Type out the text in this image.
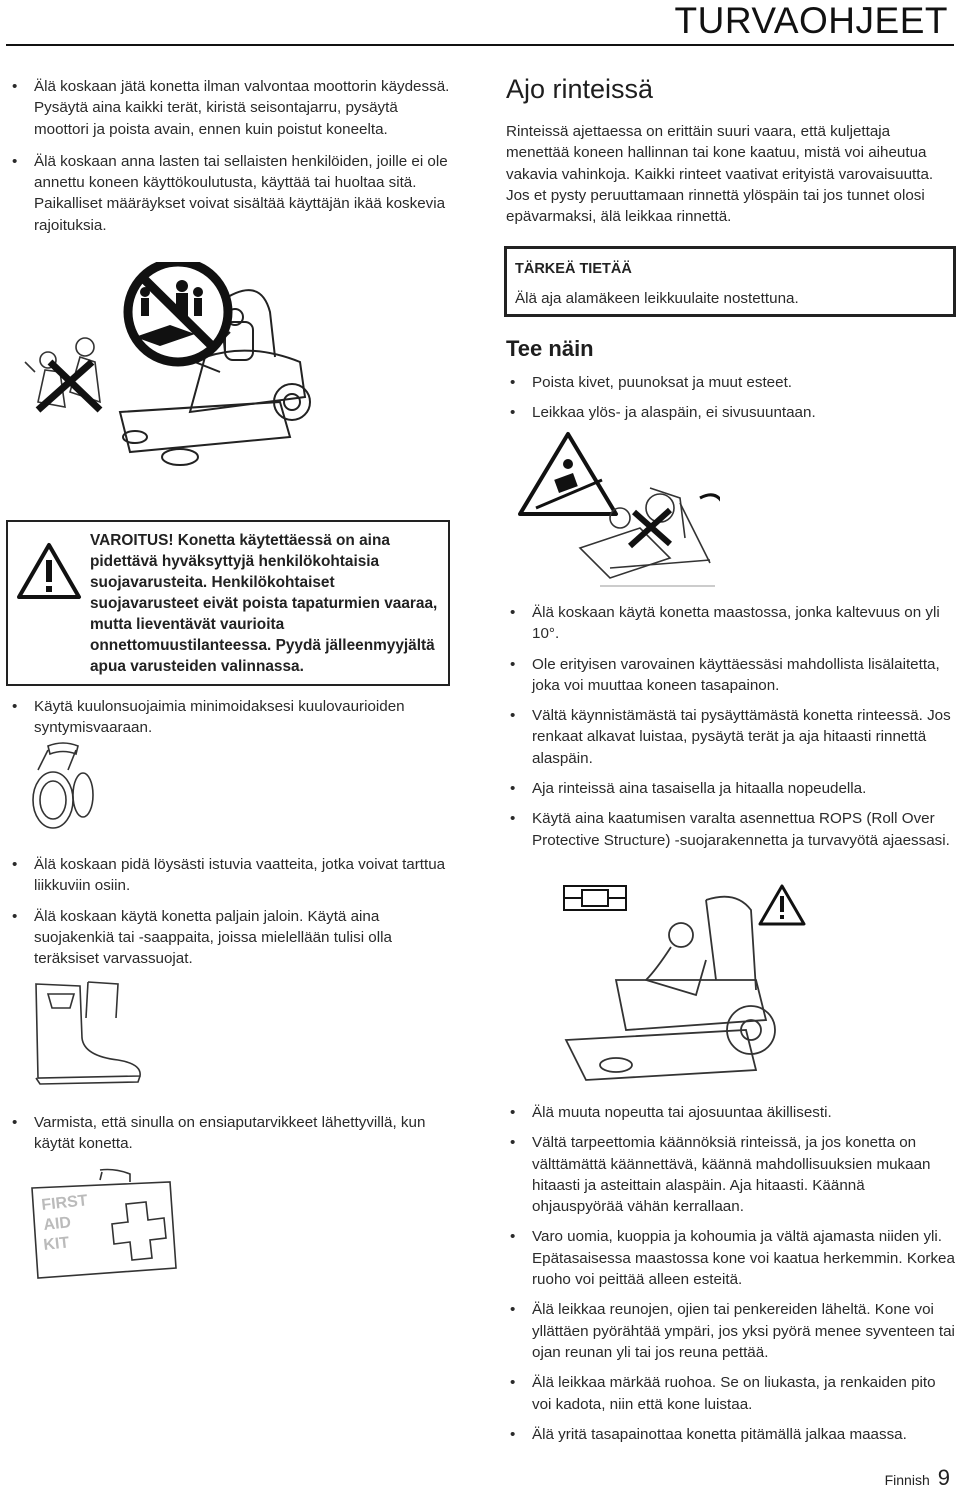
TURVAOHJEET
• Älä koskaan jätä konetta ilman valvontaa moottorin käydessä. Pysäytä aina kaikki terät, kiristä seisontajarru, pysäytä moottori ja poista avain, ennen kuin poistut koneelta.
• Älä koskaan anna lasten tai sellaisten henkilöiden, joille ei ole annettu koneen käyttökoulutusta, käyttää tai huoltaa sitä. Paikalliset määräykset voivat sisältää käyttäjän ikää koskevia rajoituksia.
VAROITUS! Konetta käytettäessä on aina pidettävä hyväksyttyjä henkilökohtaisia suojavarusteita. Henkilökohtaiset suojavarusteet eivät poista tapaturmien vaaraa, mutta lieventävät vaurioita onnettomuustilanteessa. Pyydä jälleenmyyjältä apua varusteiden valinnassa.
• Käytä kuulonsuojaimia minimoidaksesi kuulovaurioiden syntymisvaaraan.
• Älä koskaan pidä löysästi istuvia vaatteita, jotka voivat tarttua liikkuviin osiin.
• Älä koskaan käytä konetta paljain jaloin. Käytä aina suojakenkiä tai -saappaita, joissa mielellään tulisi olla teräksiset varvassuojat.
• Varmista, että sinulla on ensiaputarvikkeet lähettyvillä, kun käytät konetta.
FIRST
AID
KIT
Ajo rinteissä
Rinteissä ajettaessa on erittäin suuri vaara, että kuljettaja menettää koneen hallinnan tai kone kaatuu, mistä voi aiheutua vakavia vahinkoja. Kaikki rinteet vaativat erityistä varovaisuutta. Jos et pysty peruuttamaan rinnettä ylöspäin tai jos tunnet olosi epävarmaksi, älä leikkaa rinnettä.
TÄRKEÄ TIETÄÄ
Älä aja alamäkeen leikkuulaite nostettuna.
Tee näin
• Poista kivet, puunoksat ja muut esteet.
• Leikkaa ylös- ja alaspäin, ei sivusuuntaan.
• Älä koskaan käytä konetta maastossa, jonka kaltevuus on yli 10°.
• Ole erityisen varovainen käyttäessäsi mahdollista lisälaitetta, joka voi muuttaa koneen tasapainon.
• Vältä käynnistämästä tai pysäyttämästä konetta rinteessä. Jos renkaat alkavat luistaa, pysäytä terät ja aja hitaasti rinnettä alaspäin.
• Aja rinteissä aina tasaisella ja hitaalla nopeudella.
• Käytä aina kaatumisen varalta asennettua ROPS (Roll Over Protective Structure) -suojarakennetta ja turvavyötä ajaessasi.
• Älä muuta nopeutta tai ajosuuntaa äkillisesti.
• Vältä tarpeettomia käännöksiä rinteissä, ja jos konetta on välttämättä käännettävä, käännä mahdollisuuksien mukaan hitaasti ja asteittain alaspäin. Aja hitaasti. Käännä ohjauspyörää vähän kerrallaan.
• Varo uomia, kuoppia ja kohoumia ja vältä ajamasta niiden yli. Epätasaisessa maastossa kone voi kaatua herkemmin. Korkea ruoho voi peittää alleen esteitä.
• Älä leikkaa reunojen, ojien tai penkereiden läheltä. Kone voi yllättäen pyörähtää ympäri, jos yksi pyörä menee syventeen tai ojan reunan yli tai jos reuna pettää.
• Älä leikkaa märkää ruohoa. Se on liukasta, ja renkaiden pito voi kadota, niin että kone luistaa.
• Älä yritä tasapainottaa konetta pitämällä jalkaa maassa.
Finnish 9
